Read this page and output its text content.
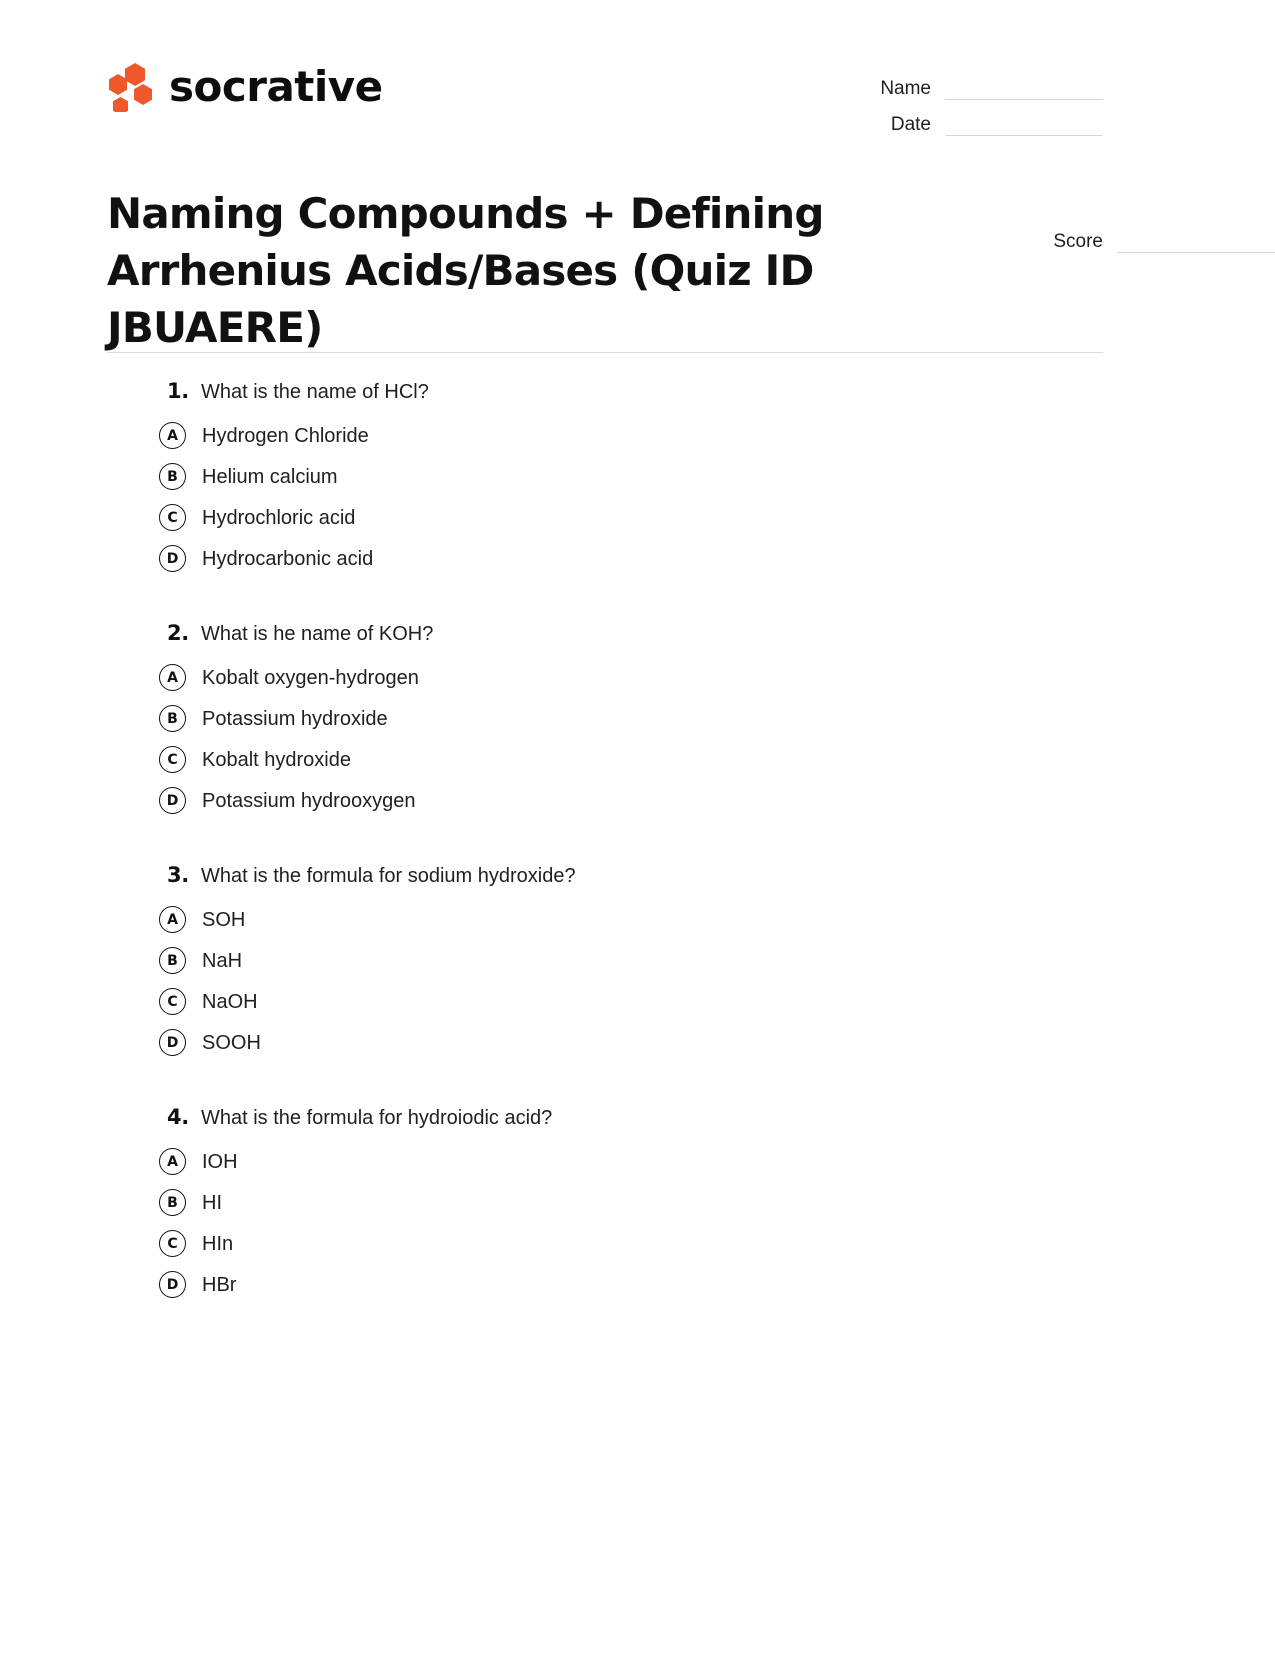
socrative	Name
Date
Score
Naming Compounds + Defining Arrhenius Acids/Bases (Quiz ID JBUAERE)
1. What is the name of HCl?
A	Hydrogen Chloride
B	Helium calcium
C	Hydrochloric acid
D	Hydrocarbonic acid
2. What is he name of KOH?
A	Kobalt oxygen-hydrogen
B	Potassium hydroxide
C	Kobalt hydroxide
D	Potassium hydrooxygen
3. What is the formula for sodium hydroxide?
A	SOH
B	NaH
C	NaOH
D	SOOH
4. What is the formula for hydroiodic acid?
A	IOH
B	HI
C	HIn
D	HBr
